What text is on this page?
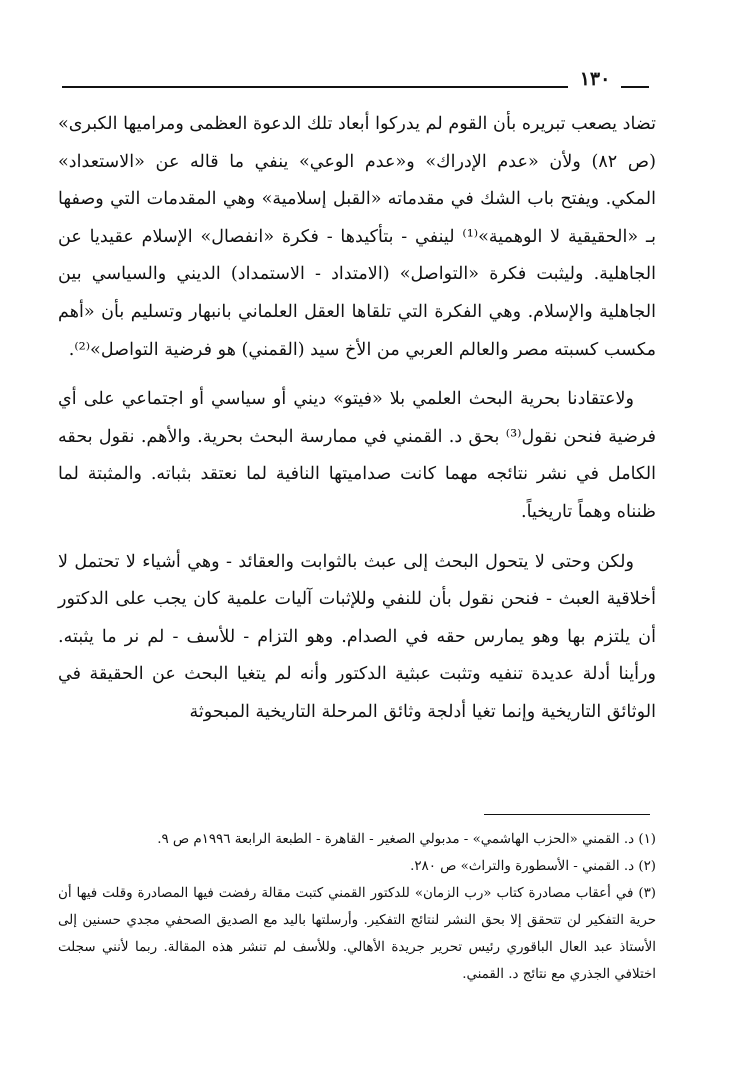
١٣٠

تضاد يصعب تبريره بأن القوم لم يدركوا أبعاد تلك الدعوة العظمى ومراميها الكبرى» (ص ٨٢) ولأن «عدم الإدراك» و«عدم الوعي» ينفي ما قاله عن «الاستعداد» المكي. ويفتح باب الشك في مقدماته «القبل إسلامية» وهي المقدمات التي وصفها بـ «الحقيقية لا الوهمية»⁽¹⁾ لينفي - بتأكيدها - فكرة «انفصال» الإسلام عقيديا عن الجاهلية. وليثبت فكرة «التواصل» (الامتداد - الاستمداد) الديني والسياسي بين الجاهلية والإسلام. وهي الفكرة التي تلقاها العقل العلماني بانبهار وتسليم بأن «أهم مكسب كسبته مصر والعالم العربي من الأخ سيد (القمني) هو فرضية التواصل»⁽²⁾.

ولاعتقادنا بحرية البحث العلمي بلا «فيتو» ديني أو سياسي أو اجتماعي على أي فرضية فنحن نقول⁽³⁾ بحق د. القمني في ممارسة البحث بحرية. والأهم. نقول بحقه الكامل في نشر نتائجه مهما كانت صداميتها النافية لما نعتقد بثباته. والمثبتة لما ظنناه وهماً تاريخياً.

ولكن وحتى لا يتحول البحث إلى عبث بالثوابت والعقائد - وهي أشياء لا تحتمل لا أخلاقية العبث - فنحن نقول بأن للنفي وللإثبات آليات علمية كان يجب على الدكتور أن يلتزم بها وهو يمارس حقه في الصدام. وهو التزام - للأسف - لم نر ما يثبته. ورأينا أدلة عديدة تنفيه وتثبت عبثية الدكتور وأنه لم يتغيا البحث عن الحقيقة في الوثائق التاريخية وإنما تغيا أدلجة وثائق المرحلة التاريخية المبحوثة

(١) د. القمني «الحزب الهاشمي» - مدبولي الصغير - القاهرة - الطبعة الرابعة ١٩٩٦م ص ٩.

(٢) د. القمني - الأسطورة والتراث» ص ٢٨٠.

(٣) في أعقاب مصادرة كتاب «رب الزمان» للدكتور القمني كتبت مقالة رفضت فيها المصادرة وقلت فيها أن حرية التفكير لن تتحقق إلا بحق النشر لنتائج التفكير. وأرسلتها باليد مع الصديق الصحفي مجدي حسنين إلى الأستاذ عبد العال الباقوري رئيس تحرير جريدة الأهالي. وللأسف لم تنشر هذه المقالة. ربما لأنني سجلت اختلافي الجذري مع نتائج د. القمني.
